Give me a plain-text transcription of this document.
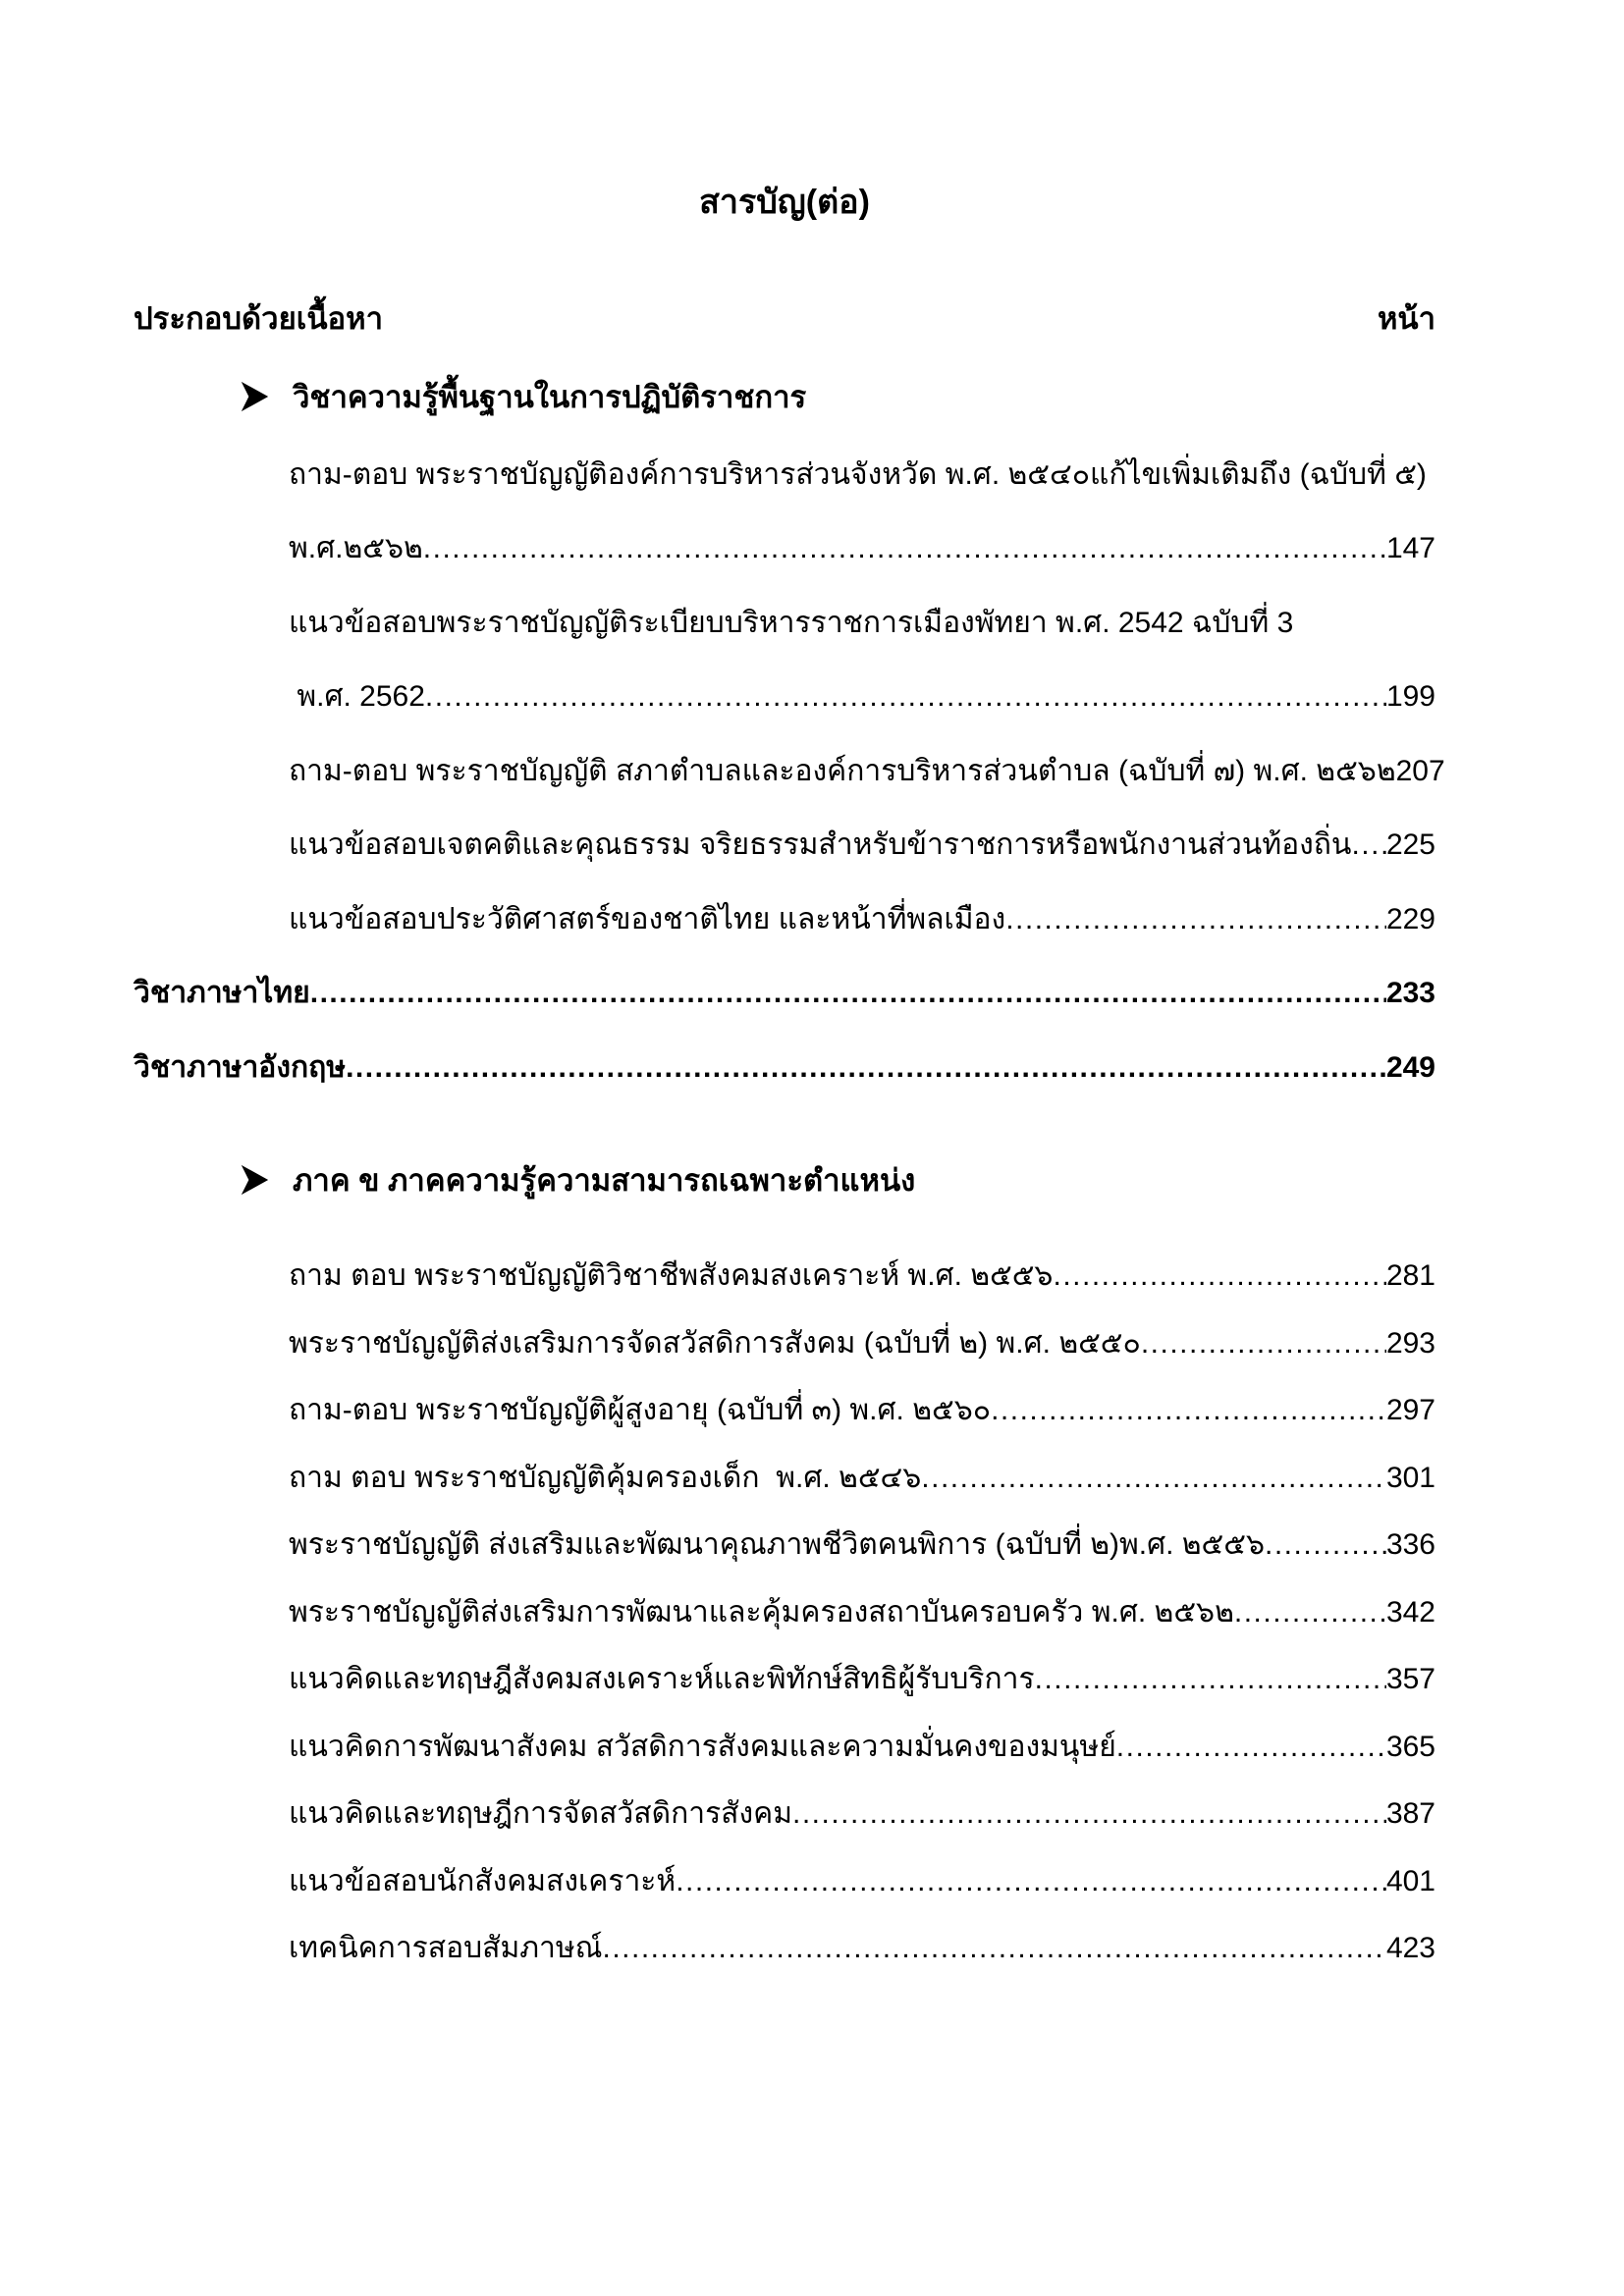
สารบัญ(ต่อ)
ประกอบด้วยเนื้อหา	หน้า
วิชาความรู้พื้นฐานในการปฏิบัติราชการ
ถาม-ตอบ พระราชบัญญัติองค์การบริหารส่วนจังหวัด พ.ศ. ๒๕๔๐แก้ไขเพิ่มเติมถึง (ฉบับที่ ๕)
พ.ศ.๒๕๖๒ .....	147
แนวข้อสอบพระราชบัญญัติระเบียบบริหารราชการเมืองพัทยา พ.ศ. 2542 ฉบับที่ 3
พ.ศ. 2562 .....	199
ถาม-ตอบ พระราชบัญญัติ สภาตำบลและองค์การบริหารส่วนตำบล (ฉบับที่ ๗) พ.ศ. ๒๕๖๒ 207
แนวข้อสอบเจตคติและคุณธรรม จริยธรรมสำหรับข้าราชการหรือพนักงานส่วนท้องถิ่น ..... 225
แนวข้อสอบประวัติศาสตร์ของชาติไทย และหน้าที่พลเมือง .....	229
วิชาภาษาไทย .....	233
วิชาภาษาอังกฤษ .....	249
ภาค ข ภาคความรู้ความสามารถเฉพาะตำแหน่ง
ถาม ตอบ พระราชบัญญัติวิชาชีพสังคมสงเคราะห์ พ.ศ. ๒๕๕๖ .....	281
พระราชบัญญัติส่งเสริมการจัดสวัสดิการสังคม (ฉบับที่ ๒) พ.ศ. ๒๕๕๐ .....	293
ถาม-ตอบ พระราชบัญญัติผู้สูงอายุ (ฉบับที่ ๓) พ.ศ. ๒๕๖๐ .....	297
ถาม ตอบ พระราชบัญญัติคุ้มครองเด็ก  พ.ศ. ๒๕๔๖ .....	301
พระราชบัญญัติ ส่งเสริมและพัฒนาคุณภาพชีวิตคนพิการ (ฉบับที่ ๒)พ.ศ. ๒๕๕๖ .....	336
พระราชบัญญัติส่งเสริมการพัฒนาและคุ้มครองสถาบันครอบครัว พ.ศ. ๒๕๖๒ .....	342
แนวคิดและทฤษฎีสังคมสงเคราะห์และพิทักษ์สิทธิผู้รับบริการ .....	357
แนวคิดการพัฒนาสังคม สวัสดิการสังคมและความมั่นคงของมนุษย์ .....	365
แนวคิดและทฤษฎีการจัดสวัสดิการสังคม .....	387
แนวข้อสอบนักสังคมสงเคราะห์ .....	401
เทคนิคการสอบสัมภาษณ์ .....	423
